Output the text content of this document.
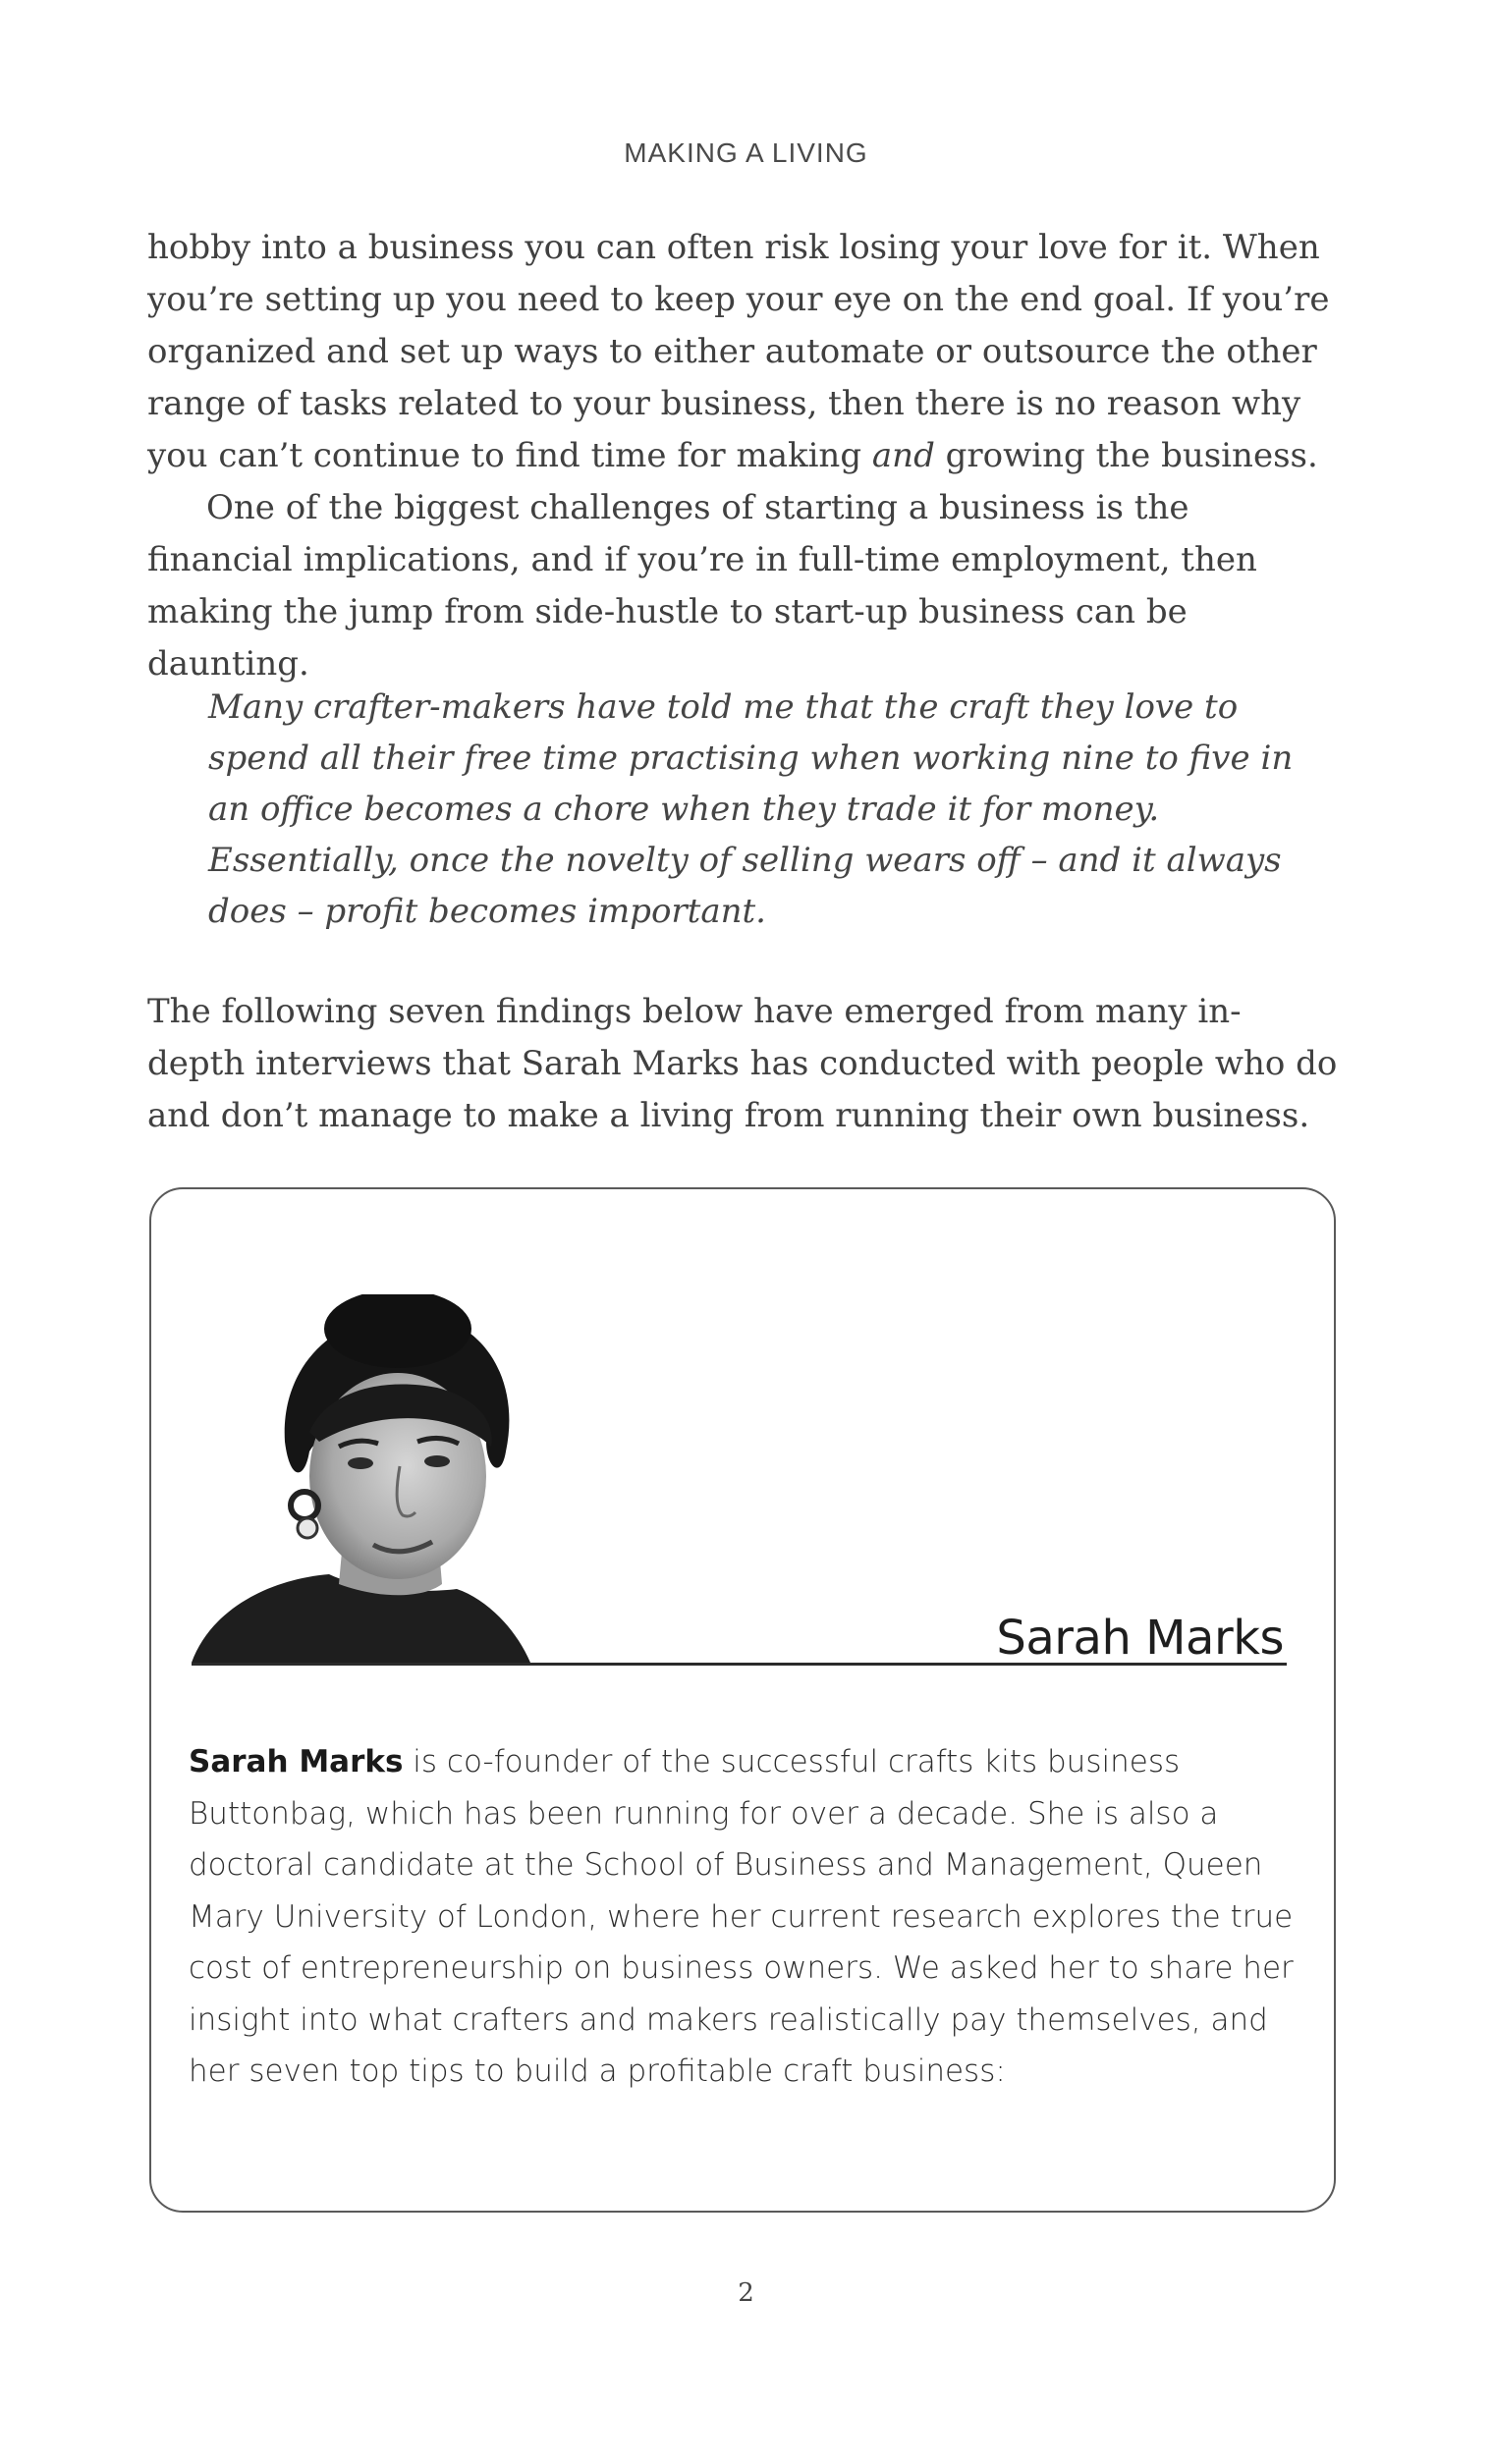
MAKING A LIVING

hobby into a business you can often risk losing your love for it. When you’re setting up you need to keep your eye on the end goal. If you’re organized and set up ways to either automate or outsource the other range of tasks related to your business, then there is no reason why you can’t continue to find time for making and growing the business.

One of the biggest challenges of starting a business is the financial implications, and if you’re in full-time employment, then making the jump from side-hustle to start-up business can be daunting.

Many crafter-makers have told me that the craft they love to spend all their free time practising when working nine to five in an office becomes a chore when they trade it for money. Essentially, once the novelty of selling wears off – and it always does – profit becomes important.

The following seven findings below have emerged from many in-depth interviews that Sarah Marks has conducted with people who do and don’t manage to make a living from running their own business.

Sarah Marks

Sarah Marks is co-founder of the successful crafts kits business Buttonbag, which has been running for over a decade. She is also a doctoral candidate at the School of Business and Management, Queen Mary University of London, where her current research explores the true cost of entrepreneurship on business owners. We asked her to share her insight into what crafters and makers realistically pay themselves, and her seven top tips to build a profitable craft business:

2
